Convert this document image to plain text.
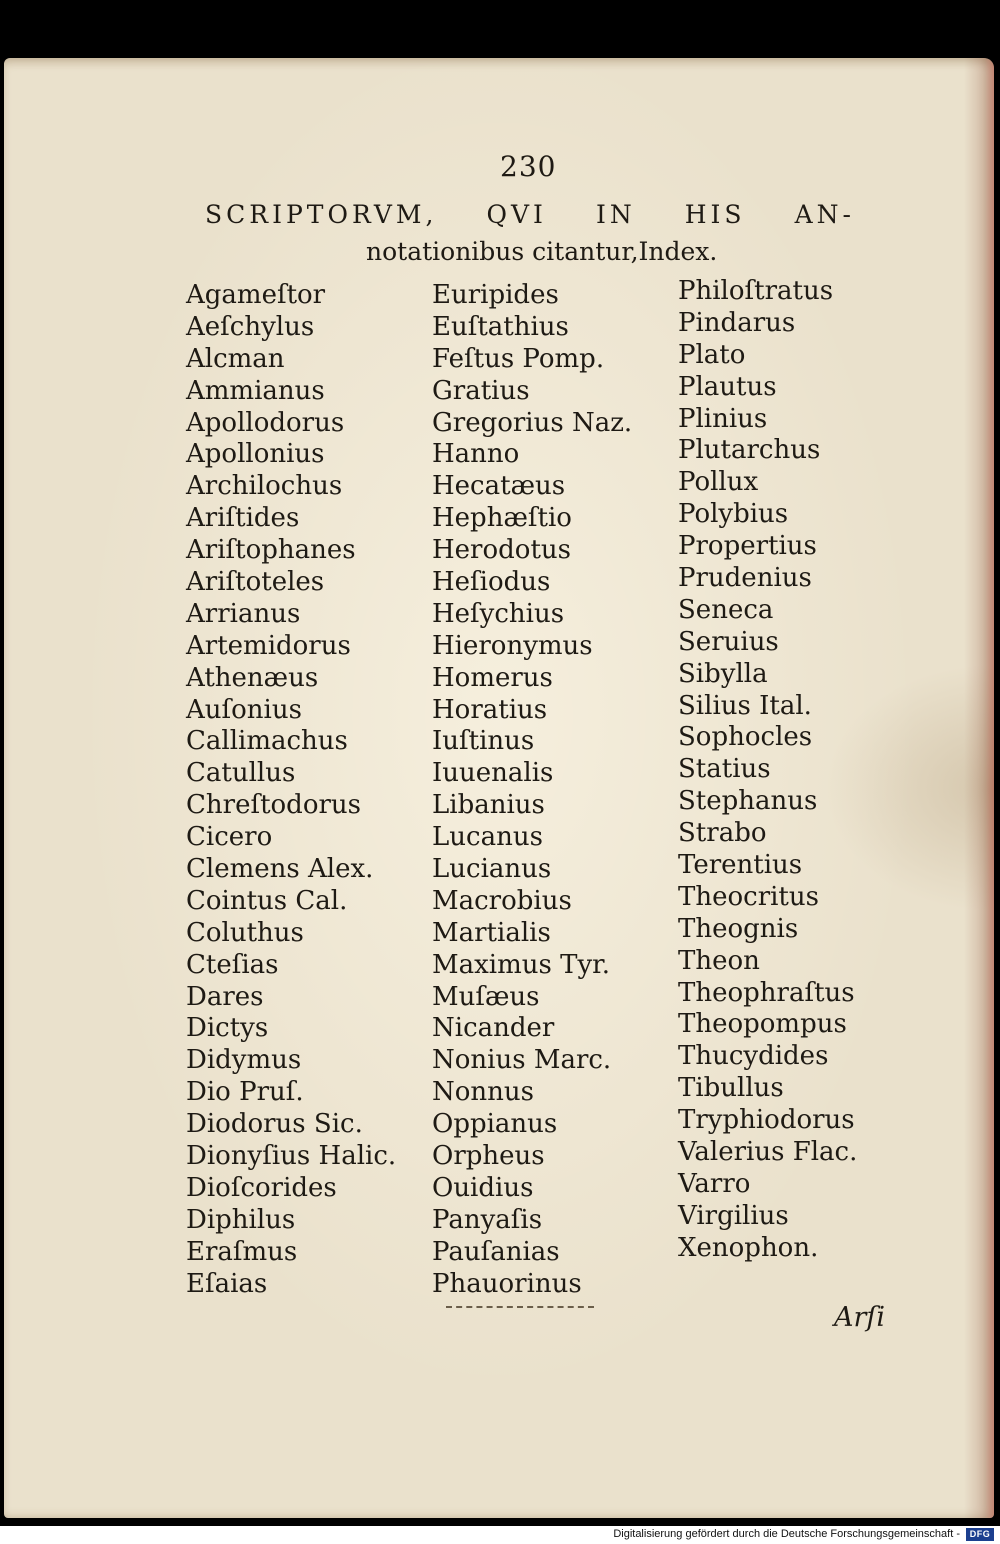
230
SCRIPTORVM, QVI IN HIS AN-
notationibus citantur,Index.
Agameſtor
Aeſchylus
Alcman
Ammianus
Apollodorus
Apollonius
Archilochus
Ariſtides
Ariſtophanes
Ariſtoteles
Arrianus
Artemidorus
Athenæus
Auſonius
Callimachus
Catullus
Chreſtodorus
Cicero
Clemens Alex.
Cointus Cal.
Coluthus
Cteſias
Dares
Dictys
Didymus
Dio Pruſ.
Diodorus Sic.
Dionyſius Halic.
Dioſcorides
Diphilus
Eraſmus
Eſaias
Euripides
Euſtathius
Feſtus Pomp.
Gratius
Gregorius Naz.
Hanno
Hecatæus
Hephæſtio
Herodotus
Heſiodus
Heſychius
Hieronymus
Homerus
Horatius
Iuſtinus
Iuuenalis
Libanius
Lucanus
Lucianus
Macrobius
Martialis
Maximus Tyr.
Muſæus
Nicander
Nonius Marc.
Nonnus
Oppianus
Orpheus
Ouidius
Panyaſis
Pauſanias
Phauorinus
Philoſtratus
Pindarus
Plato
Plautus
Plinius
Plutarchus
Pollux
Polybius
Propertius
Prudenius
Seneca
Seruius
Sibylla
Silius Ital.
Sophocles
Statius
Stephanus
Strabo
Terentius
Theocritus
Theognis
Theon
Theophraſtus
Theopompus
Thucydides
Tibullus
Tryphiodorus
Valerius Flac.
Varro
Virgilius
Xenophon.
Arſi
Digitalisierung gefördert durch die Deutsche Forschungsgemeinschaft -	DFG
